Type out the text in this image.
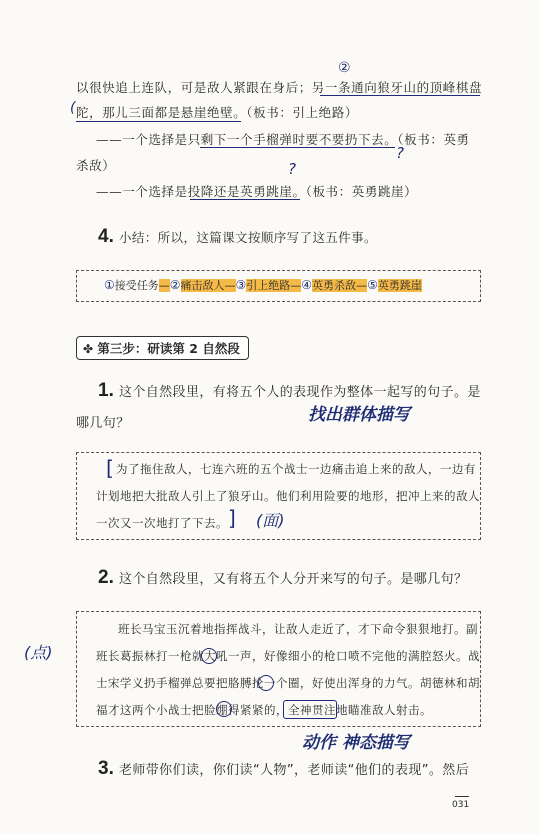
以很快追上连队，可是敌人紧跟在身后；另一条通向狼牙山的顶峰棋盘
陀，那儿三面都是悬崖绝壁。（板书：引上绝路）
——一个选择是只剩下一个手榴弹时要不要扔下去。（板书：英勇
杀敌）
——一个选择是投降还是英勇跳崖。（板书：英勇跳崖）
(
②
?
?
4. 小结：所以，这篇课文按顺序写了这五件事。
①接受任务—②痛击敌人—③引上绝路—④英勇杀敌—⑤英勇跳崖
✤ 第三步：研读第 2 自然段
1. 这个自然段里，有将五个人的表现作为整体一起写的句子。是
哪几句？	找出群体描写
[ 为了拖住敌人，七连六班的五个战士一边痛击追上来的敌人，一边有
计划地把大批敌人引上了狼牙山。他们利用险要的地形，把冲上来的敌人
一次又一次地打了下去。 ] (面)
2. 这个自然段里，又有将五个人分开来写的句子。是哪几句？
班长马宝玉沉着地指挥战斗，让敌人走近了，才下命令狠狠地打。副
班长葛振林打一枪就大吼一声，好像细小的枪口喷不完他的满腔怒火。战
士宋学义扔手榴弹总要把胳膊抡一个圈，好使出浑身的力气。胡德林和胡
福才这两个小战士把脸绷得紧紧的，全神贯注地瞄准敌人射击。
(点)
动作 神态描写
3. 老师带你们读，你们读“人物”，老师读“他们的表现”。然后
031
